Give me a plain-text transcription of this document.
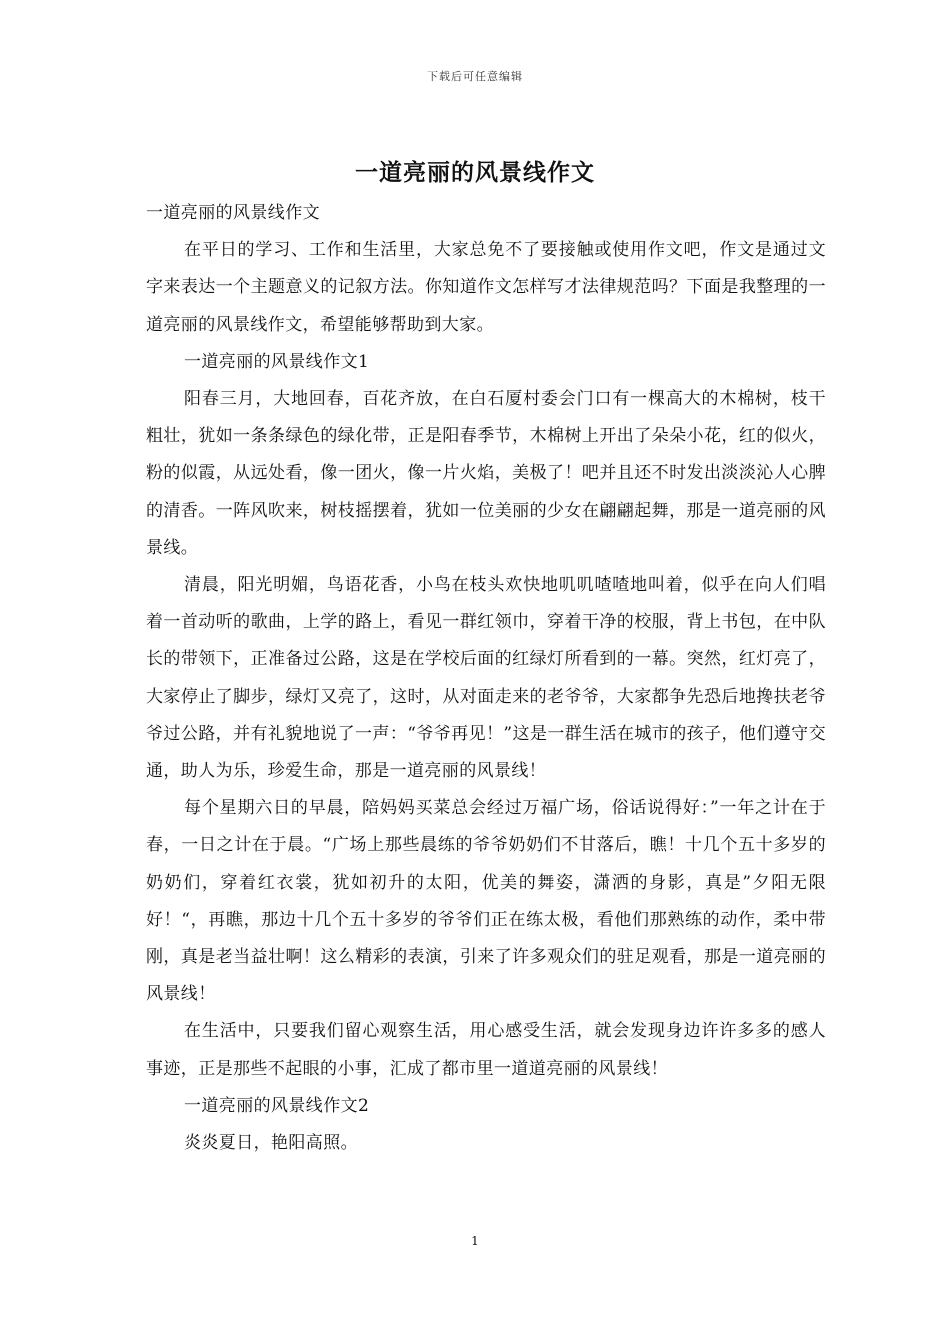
下载后可任意编辑
一道亮丽的风景线作文

一道亮丽的风景线作文

在平日的学习、工作和生活里，大家总免不了要接触或使用作文吧，作文是通过文字来表达一个主题意义的记叙方法。你知道作文怎样写才法律规范吗？下面是我整理的一道亮丽的风景线作文，希望能够帮助到大家。

一道亮丽的风景线作文1

阳春三月，大地回春，百花齐放，在白石厦村委会门口有一棵高大的木棉树，枝干粗壮，犹如一条条绿色的绿化带，正是阳春季节，木棉树上开出了朵朵小花，红的似火，粉的似霞，从远处看，像一团火，像一片火焰，美极了！吧并且还不时发出淡淡沁人心脾的清香。一阵风吹来，树枝摇摆着，犹如一位美丽的少女在翩翩起舞，那是一道亮丽的风景线。

清晨，阳光明媚，鸟语花香，小鸟在枝头欢快地叽叽喳喳地叫着，似乎在向人们唱着一首动听的歌曲，上学的路上，看见一群红领巾，穿着干净的校服，背上书包，在中队长的带领下，正准备过公路，这是在学校后面的红绿灯所看到的一幕。突然，红灯亮了，大家停止了脚步，绿灯又亮了，这时，从对面走来的老爷爷，大家都争先恐后地搀扶老爷爷过公路，并有礼貌地说了一声：“爷爷再见！”这是一群生活在城市的孩子，他们遵守交通，助人为乐，珍爱生命，那是一道亮丽的风景线！

每个星期六日的早晨，陪妈妈买菜总会经过万福广场，俗话说得好：”一年之计在于春，一日之计在于晨。“广场上那些晨练的爷爷奶奶们不甘落后，瞧！十几个五十多岁的奶奶们，穿着红衣裳，犹如初升的太阳，优美的舞姿，潇洒的身影，真是”夕阳无限好！“，再瞧，那边十几个五十多岁的爷爷们正在练太极，看他们那熟练的动作，柔中带刚，真是老当益壮啊！这么精彩的表演，引来了许多观众们的驻足观看，那是一道亮丽的风景线！

在生活中，只要我们留心观察生活，用心感受生活，就会发现身边许许多多的感人事迹，正是那些不起眼的小事，汇成了都市里一道道亮丽的风景线！

一道亮丽的风景线作文2

炎炎夏日，艳阳高照。

1
